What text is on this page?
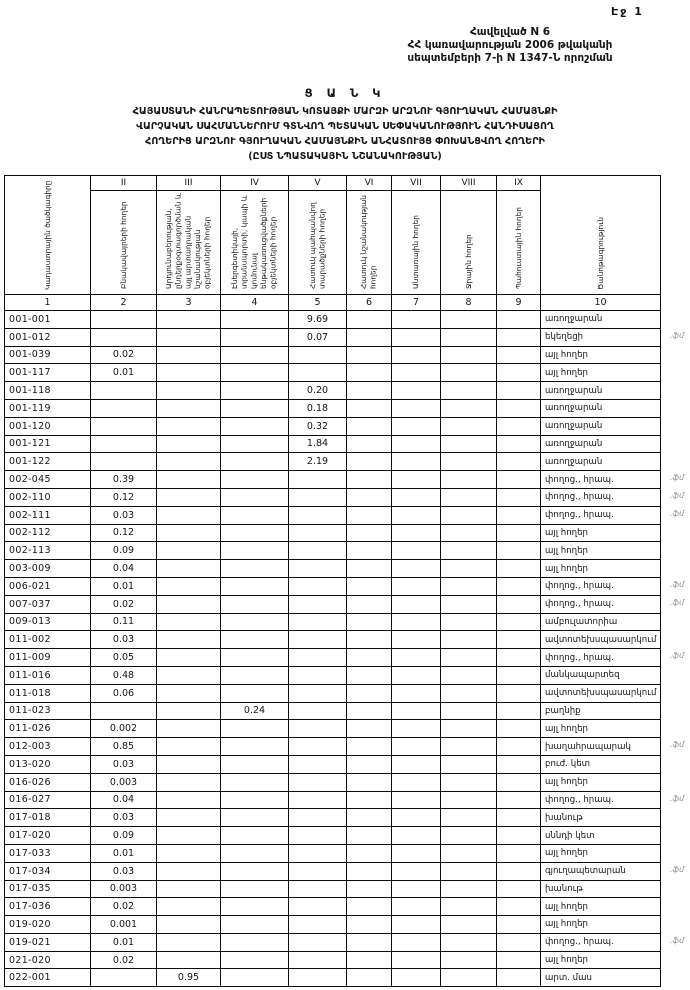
Էջ 1
Հավելված N 6
ՀՀ կառավարության 2006 թվականի
սեպտեմբերի 7-ի N 1347-Ն որոշման
Ց Ա Ն Կ
ՀԱՅԱՍՏԱՆԻ ՀԱՆՐԱՊԵՏՈՒԹՅԱՆ ԿՈՏԱՅՔԻ ՄԱՐԶԻ ԱՐԶՆՈՒ ԳՅՈՒՂԱԿԱՆ ՀԱՄԱՅՆՔԻ
ՎԱՐՉԱԿԱՆ ՍԱՀՄԱՆՆԵՐՈՒՄ ԳՏՆՎՈՂ ՊԵՏԱԿԱՆ ՍԵՓԱԿԱՆՈՒԹՅՈՒՆ ՀԱՆԴԻՍԱՑՈՂ
ՀՈՂԵՐԻՑ ԱՐԶՆՈՒ ԳՅՈՒՂԱԿԱՆ ՀԱՄԱՅՆՔԻՆ ԱՆՀԱՏՈՒՅՑ ՓՈԽԱՆՑՎՈՂ ՀՈՂԵՐԻ
(ԸՍՏ ՆՊԱՏԱԿԱՅԻՆ ՆՇԱՆԱԿՈՒԹՅԱՆ)
Կադաստրային ծածկագիրը	II	III	IV	V	VI	VII	VIII	IX	Ծանոթագրություն
	Բնակավայրերի հողեր	Արդյունաբերության, ընդերքօգտագործման և այլ արտադրական նշանակության օբյեկտների հողեր	Էներգետիկայի, տրանսպորտի, կապի և կոմունալ ենթակառուցվածքների օբյեկտների հողեր	Հատուկ պահպանվող տարածքների հողեր	Հատուկ նշանակության հողեր	Անտառային հողեր	Ջրային հողեր	Պահուստային հողեր	
1	2	3	4	5	6	7	8	9	10
001-001				9.69					առողջարան
001-012				0.07					եկեղեցի .ֆմ

001-039	0.02								այլ հողեր
001-117	0.01								այլ հողեր
001-118				0.20					առողջարան
001-119				0.18					առողջարան
001-120				0.32					առողջարան
001-121				1.84					առողջարան
001-122				2.19					առողջարան
002-045	0.39								փողոց., հրապ. .ֆմ

002-110	0.12								փողոց., հրապ. .ֆմ

002-111	0.03								փողոց., հրապ. .ֆմ

002-112	0.12								այլ հողեր
002-113	0.09								այլ հողեր
003-009	0.04								այլ հողեր
006-021	0.01								փողոց., հրապ. .ֆմ

007-037	0.02								փողոց., հրապ. .ֆմ

009-013	0.11								ամբուլատորիա
011-002	0.03								ավտոտեխսպասարկում
011-009	0.05								փողոց., հրապ. .ֆմ

011-016	0.48								մանկապարտեզ
011-018	0.06								ավտոտեխսպասարկում
011-023			0.24						բաղնիք
011-026	0.002								այլ հողեր
012-003	0.85								խաղահրապարակ .ֆմ

013-020	0.03								բուժ. կետ
016-026	0.003								այլ հողեր
016-027	0.04								փողոց., հրապ. .ֆմ

017-018	0.03								խանութ
017-020	0.09								սննդի կետ
017-033	0.01								այլ հողեր
017-034	0.03								գյուղապետարան .ֆմ

017-035	0.003								խանութ
017-036	0.02								այլ հողեր
019-020	0.001								այլ հողեր
019-021	0.01								փողոց., հրապ. .ֆմ

021-020	0.02								այլ հողեր
022-001		0.95							արտ. մաս
